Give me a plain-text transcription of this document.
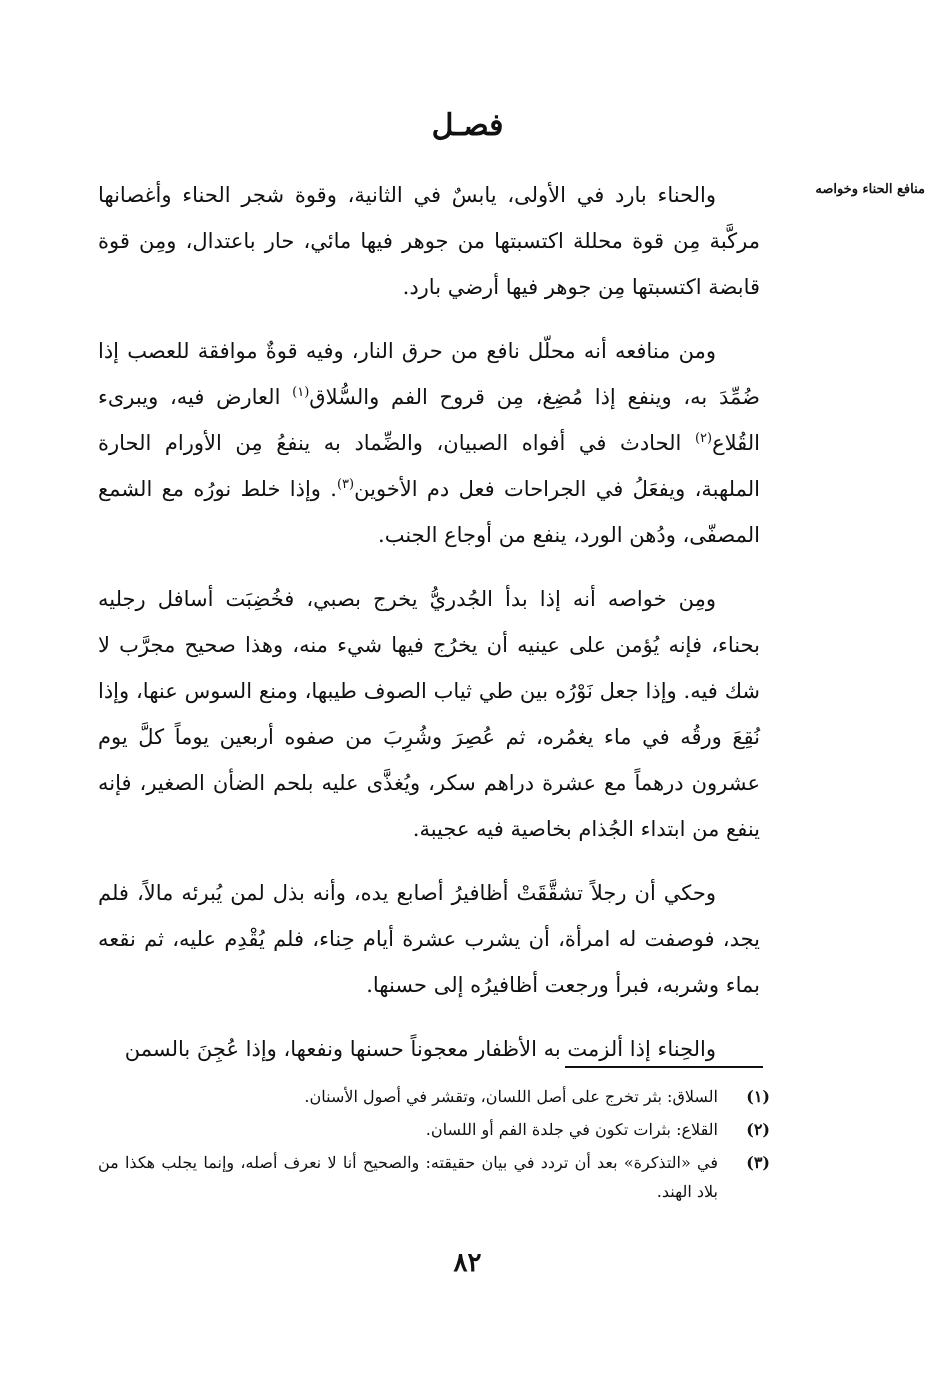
فصـل
منافع الحناء وخواصه

والحناء بارد في الأولى، يابسٌ في الثانية، وقوة شجر الحناء وأغصانها مركَّبة مِن قوة محللة اكتسبتها من جوهر فيها مائي، حار باعتدال، ومِن قوة قابضة اكتسبتها مِن جوهر فيها أرضي بارد.

ومن منافعه أنه محلّل نافع من حرق النار، وفيه قوةٌ موافقة للعصب إذا ضُمِّدَ به، وينفع إذا مُضِغ، مِن قروح الفم والسُّلاق$^{(١)}$ العارض فيه، ويبرىء القُلاع$^{(٢)}$ الحادث في أفواه الصبيان، والضِّماد به ينفعُ مِن الأورام الحارة الملهبة، ويفعَلُ في الجراحات فعل دم الأخوين$^{(٣)}$. وإذا خلط نورُه مع الشمع المصفّى، ودُهن الورد، ينفع من أوجاع الجنب.

ومِن خواصه أنه إذا بدأ الجُدريُّ يخرج بصبي، فخُضِبَت أسافل رجليه بحناء، فإنه يُؤمن على عينيه أن يخرُج فيها شيء منه، وهذا صحيح مجرَّب لا شك فيه. وإذا جعل نَوْرُه بين طي ثياب الصوف طيبها، ومنع السوس عنها، وإذا نُقِعَ ورقُه في ماء يغمُره، ثم عُصِرَ وشُرِبَ من صفوه أربعين يوماً كلَّ يوم عشرون درهماً مع عشرة دراهم سكر، ويُغذَّى عليه بلحم الضأن الصغير، فإنه ينفع من ابتداء الجُذام بخاصية فيه عجيبة.

وحكي أن رجلاً تشقَّقَتْ أظافيرُ أصابع يده، وأنه بذل لمن يُبرئه مالاً، فلم يجد، فوصفت له امرأة، أن يشرب عشرة أيام حِناء، فلم يُقْدِم عليه، ثم نقعه بماء وشربه، فبرأ ورجعت أظافيرُه إلى حسنها.

والحِناء إذا ألزمت به الأظفار معجوناً حسنها ونفعها، وإذا عُجِنَ بالسمن

(١)
السلاق: بثر تخرج على أصل اللسان، وتقشر في أصول الأسنان.
(٢)
القلاع: بثرات تكون في جلدة الفم أو اللسان.
(٣)
في «التذكرة» بعد أن تردد في بيان حقيقته: والصحيح أنا لا نعرف أصله، وإنما يجلب هكذا من بلاد الهند.
٨٢
